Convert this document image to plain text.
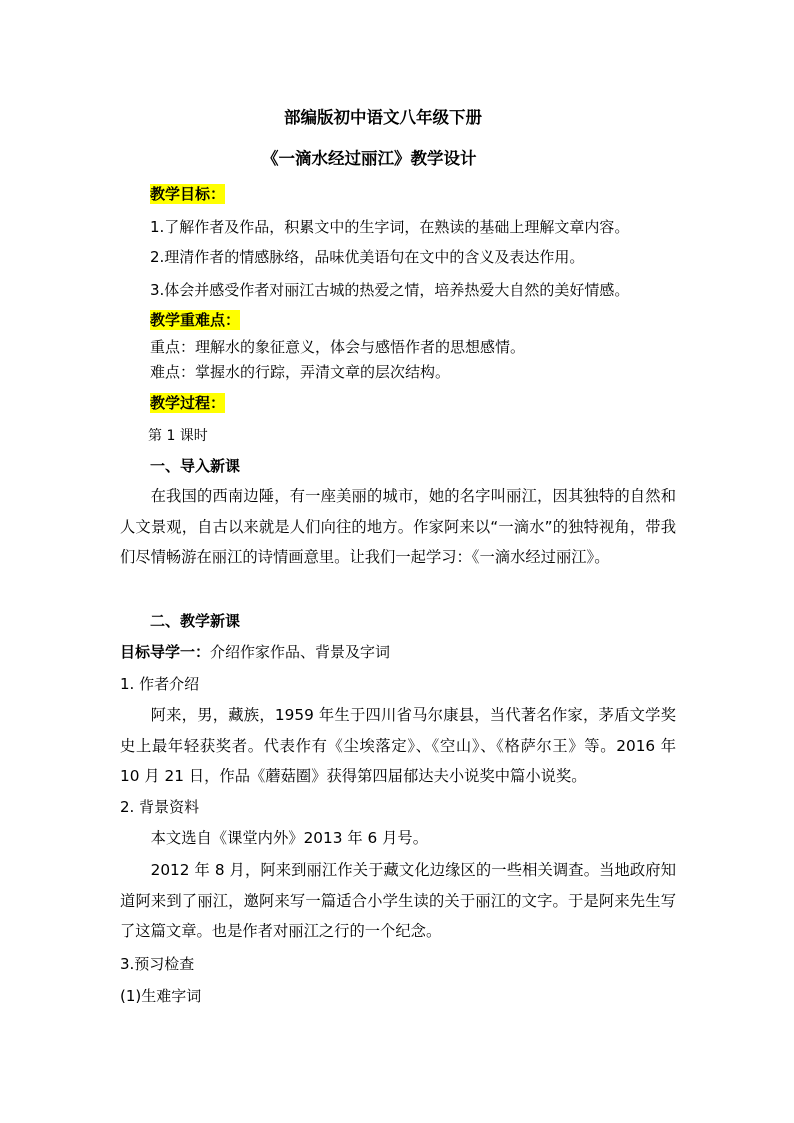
部编版初中语文八年级下册
《一滴水经过丽江》教学设计
教学目标：
1.了解作者及作品，积累文中的生字词，在熟读的基础上理解文章内容。
2.理清作者的情感脉络，品味优美语句在文中的含义及表达作用。
3.体会并感受作者对丽江古城的热爱之情，培养热爱大自然的美好情感。
教学重难点：
重点：理解水的象征意义，体会与感悟作者的思想感情。
难点：掌握水的行踪，弄清文章的层次结构。
教学过程：
第 1 课时
一、导入新课
在我国的西南边陲，有一座美丽的城市，她的名字叫丽江，因其独特的自然和人文景观，自古以来就是人们向往的地方。作家阿来以“一滴水”的独特视角，带我们尽情畅游在丽江的诗情画意里。让我们一起学习：《一滴水经过丽江》。
二、教学新课
目标导学一：介绍作家作品、背景及字词
1. 作者介绍
阿来，男，藏族，1959 年生于四川省马尔康县，当代著名作家，茅盾文学奖史上最年轻获奖者。代表作有《尘埃落定》、《空山》、《格萨尔王》等。2016 年 10 月 21 日，作品《蘑菇圈》获得第四届郁达夫小说奖中篇小说奖。
2. 背景资料
本文选自《课堂内外》2013 年 6 月号。
2012 年 8 月，阿来到丽江作关于藏文化边缘区的一些相关调查。当地政府知道阿来到了丽江，邀阿来写一篇适合小学生读的关于丽江的文字。于是阿来先生写了这篇文章。也是作者对丽江之行的一个纪念。
3.预习检查
(1)生难字词
